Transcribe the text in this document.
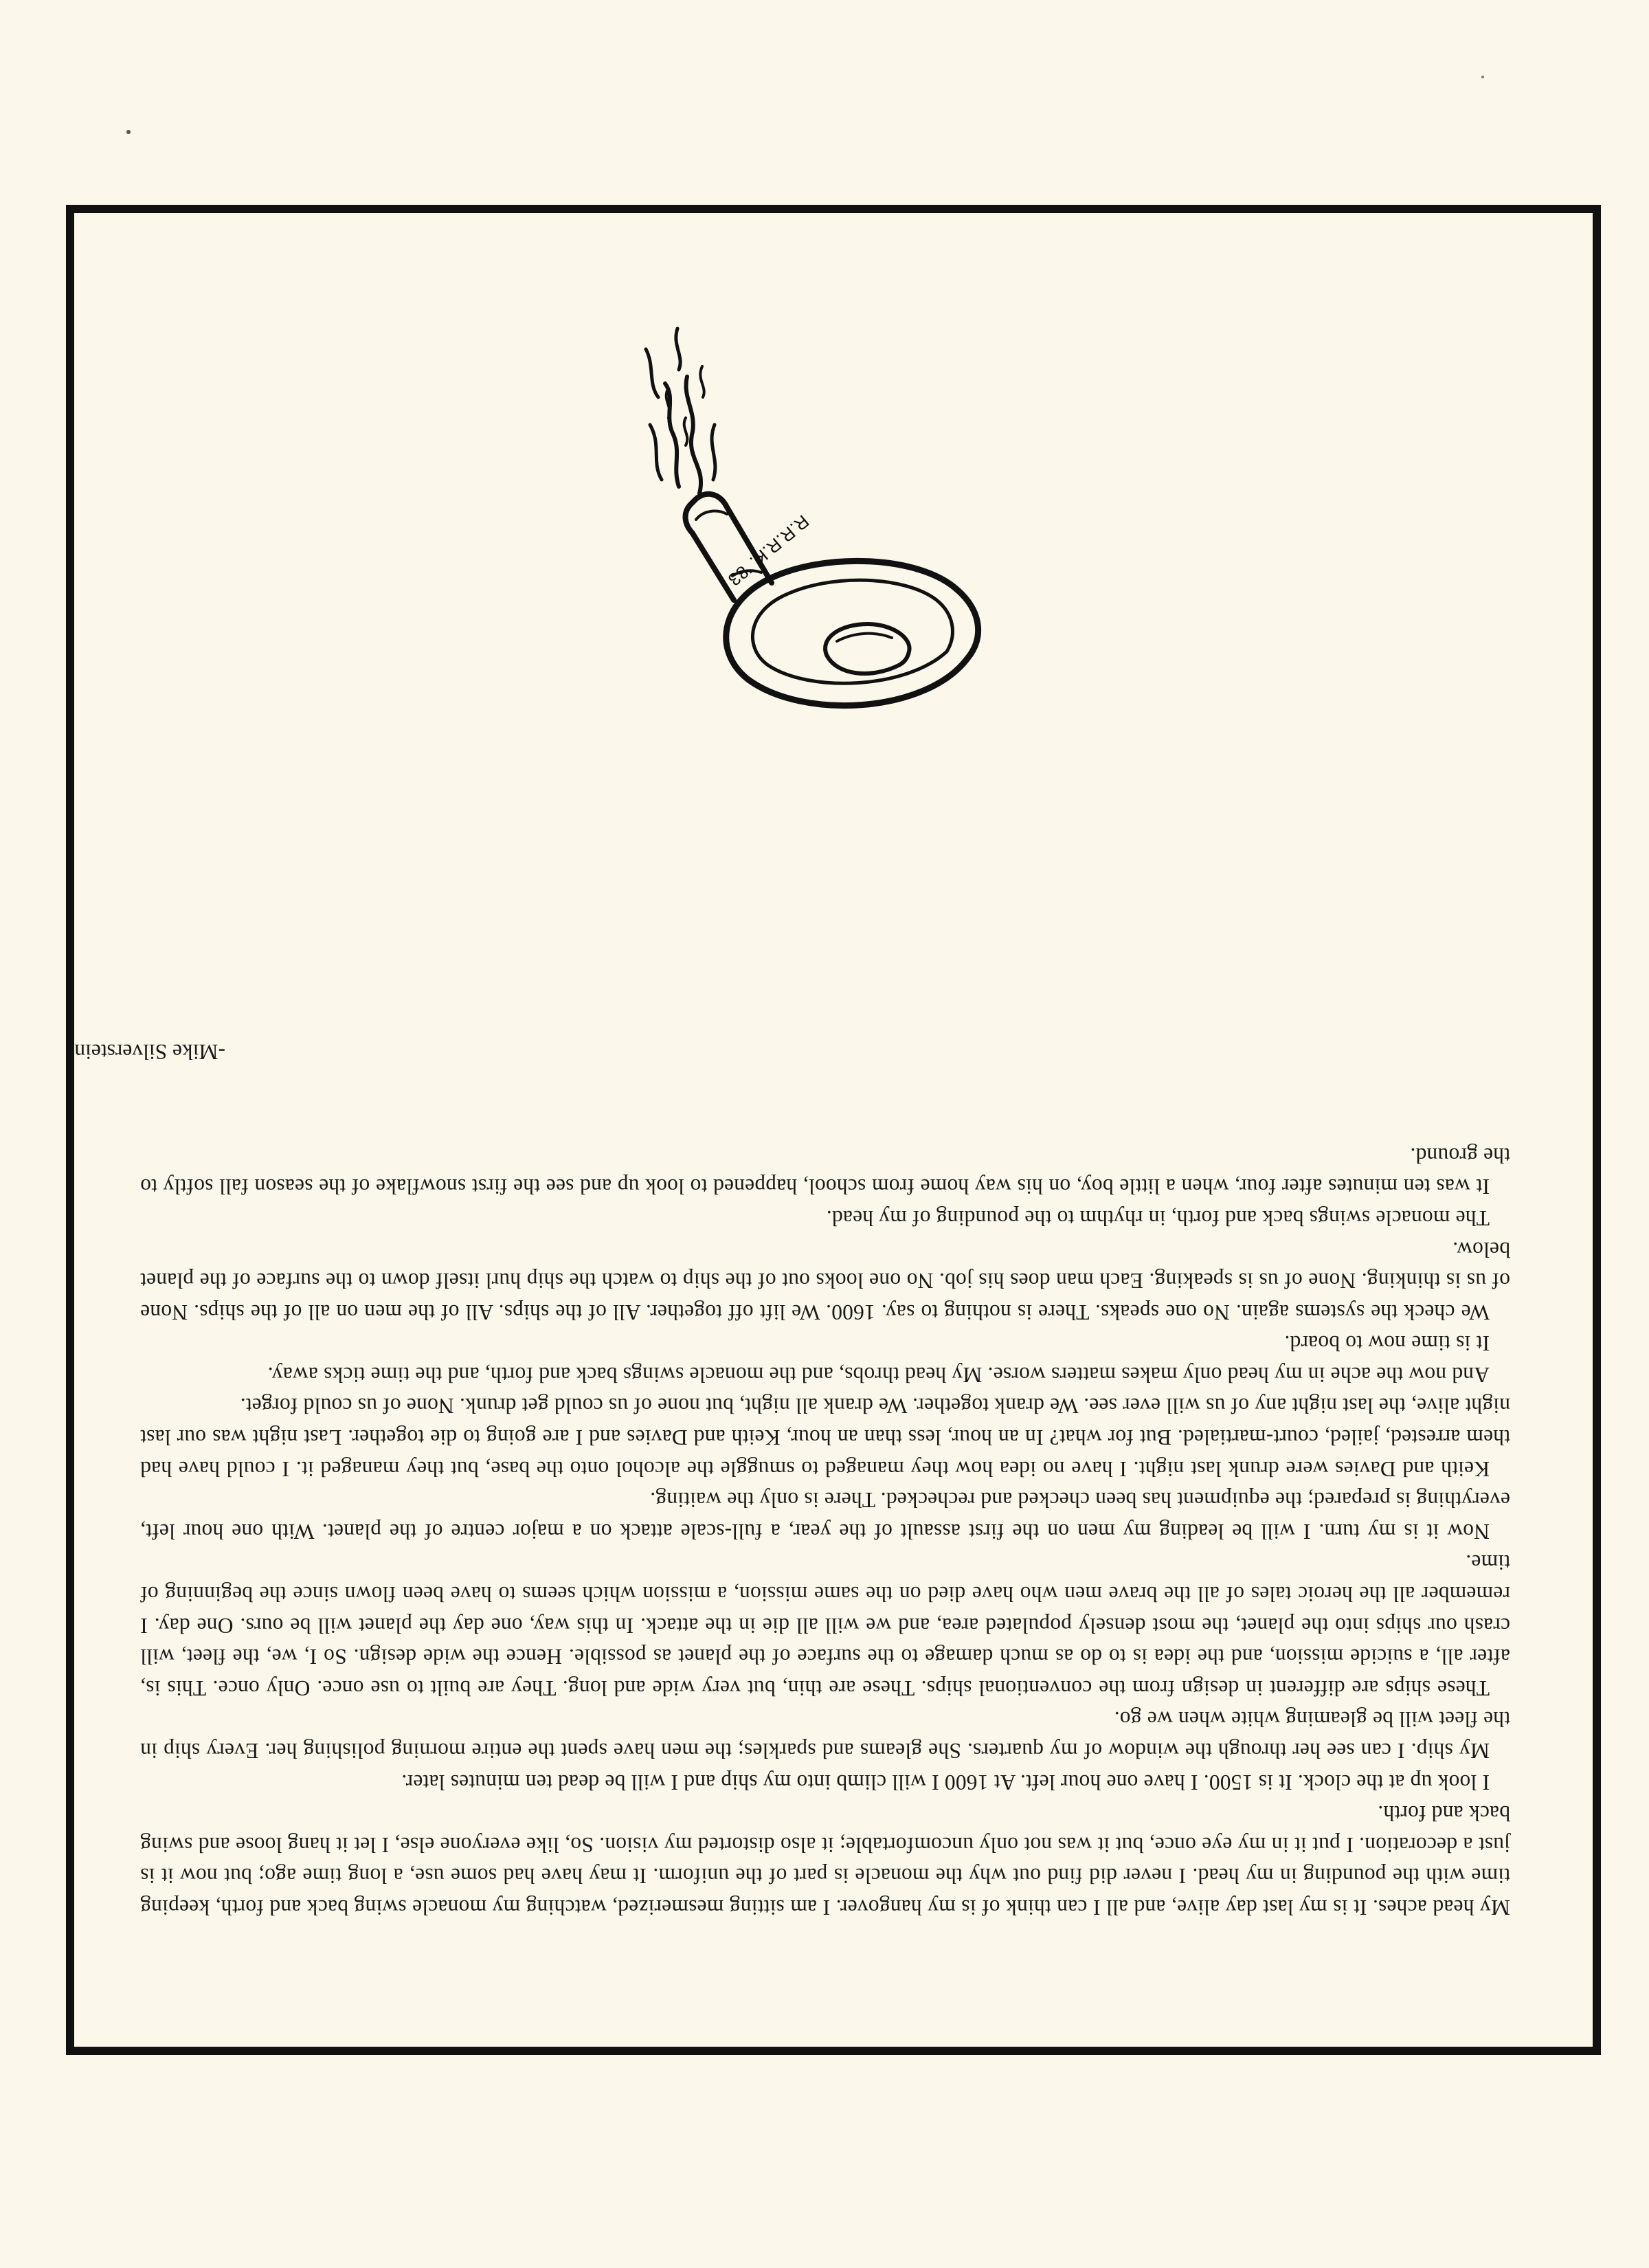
My head aches. It is my last day alive, and all I can think of is my hangover. I am sitting mesmerized, watching my monacle swing back and forth, keeping time with the pounding in my head. I never did find out why the monacle is part of the uniform. It may have had some use, a long time ago; but now it is just a decoration. I put it in my eye once, but it was not only uncomfortable; it also distorted my vision. So, like everyone else, I let it hang loose and swing back and forth.

I look up at the clock. It is 1500. I have one hour left. At 1600 I will climb into my ship and I will be dead ten minutes later.

My ship. I can see her through the window of my quarters. She gleams and sparkles; the men have spent the entire morning polishing her. Every ship in the fleet will be gleaming white when we go.

These ships are different in design from the conventional ships. These are thin, but very wide and long. They are built to use once. Only once. This is, after all, a suicide mission, and the idea is to do as much damage to the surface of the planet as possible. Hence the wide design. So I, we, the fleet, will crash our ships into the planet, the most densely populated area, and we will all die in the attack. In this way, one day the planet will be ours. One day. I remember all the heroic tales of all the brave men who have died on the same mission, a mission which seems to have been flown since the beginning of time.

Now it is my turn. I will be leading my men on the first assault of the year, a full-scale attack on a major centre of the planet. With one hour left, everything is prepared; the equipment has been checked and rechecked. There is only the waiting.

Keith and Davies were drunk last night. I have no idea how they managed to smuggle the alcohol onto the base, but they managed it. I could have had them arrested, jailed, court-martialed. But for what? In an hour, less than an hour, Keith and Davies and I are going to die together. Last night was our last night alive, the last night any of us will ever see. We drank together. We drank all night, but none of us could get drunk. None of us could forget.

And now the ache in my head only makes matters worse. My head throbs, and the monacle swings back and forth, and the time ticks away.

It is time now to board.

We check the systems again. No one speaks. There is nothing to say. 1600. We lift off together. All of the ships. All of the men on all of the ships. None of us is thinking. None of us is speaking. Each man does his job. No one looks out of the ship to watch the ship hurl itself down to the surface of the planet below.

The monacle swings back and forth, in rhythm to the pounding of my head.

It was ten minutes after four, when a little boy, on his way home from school, happened to look up and see the first snowflake of the season fall softly to the ground.

-Mike Silverstein
R.R.R.K. '83
